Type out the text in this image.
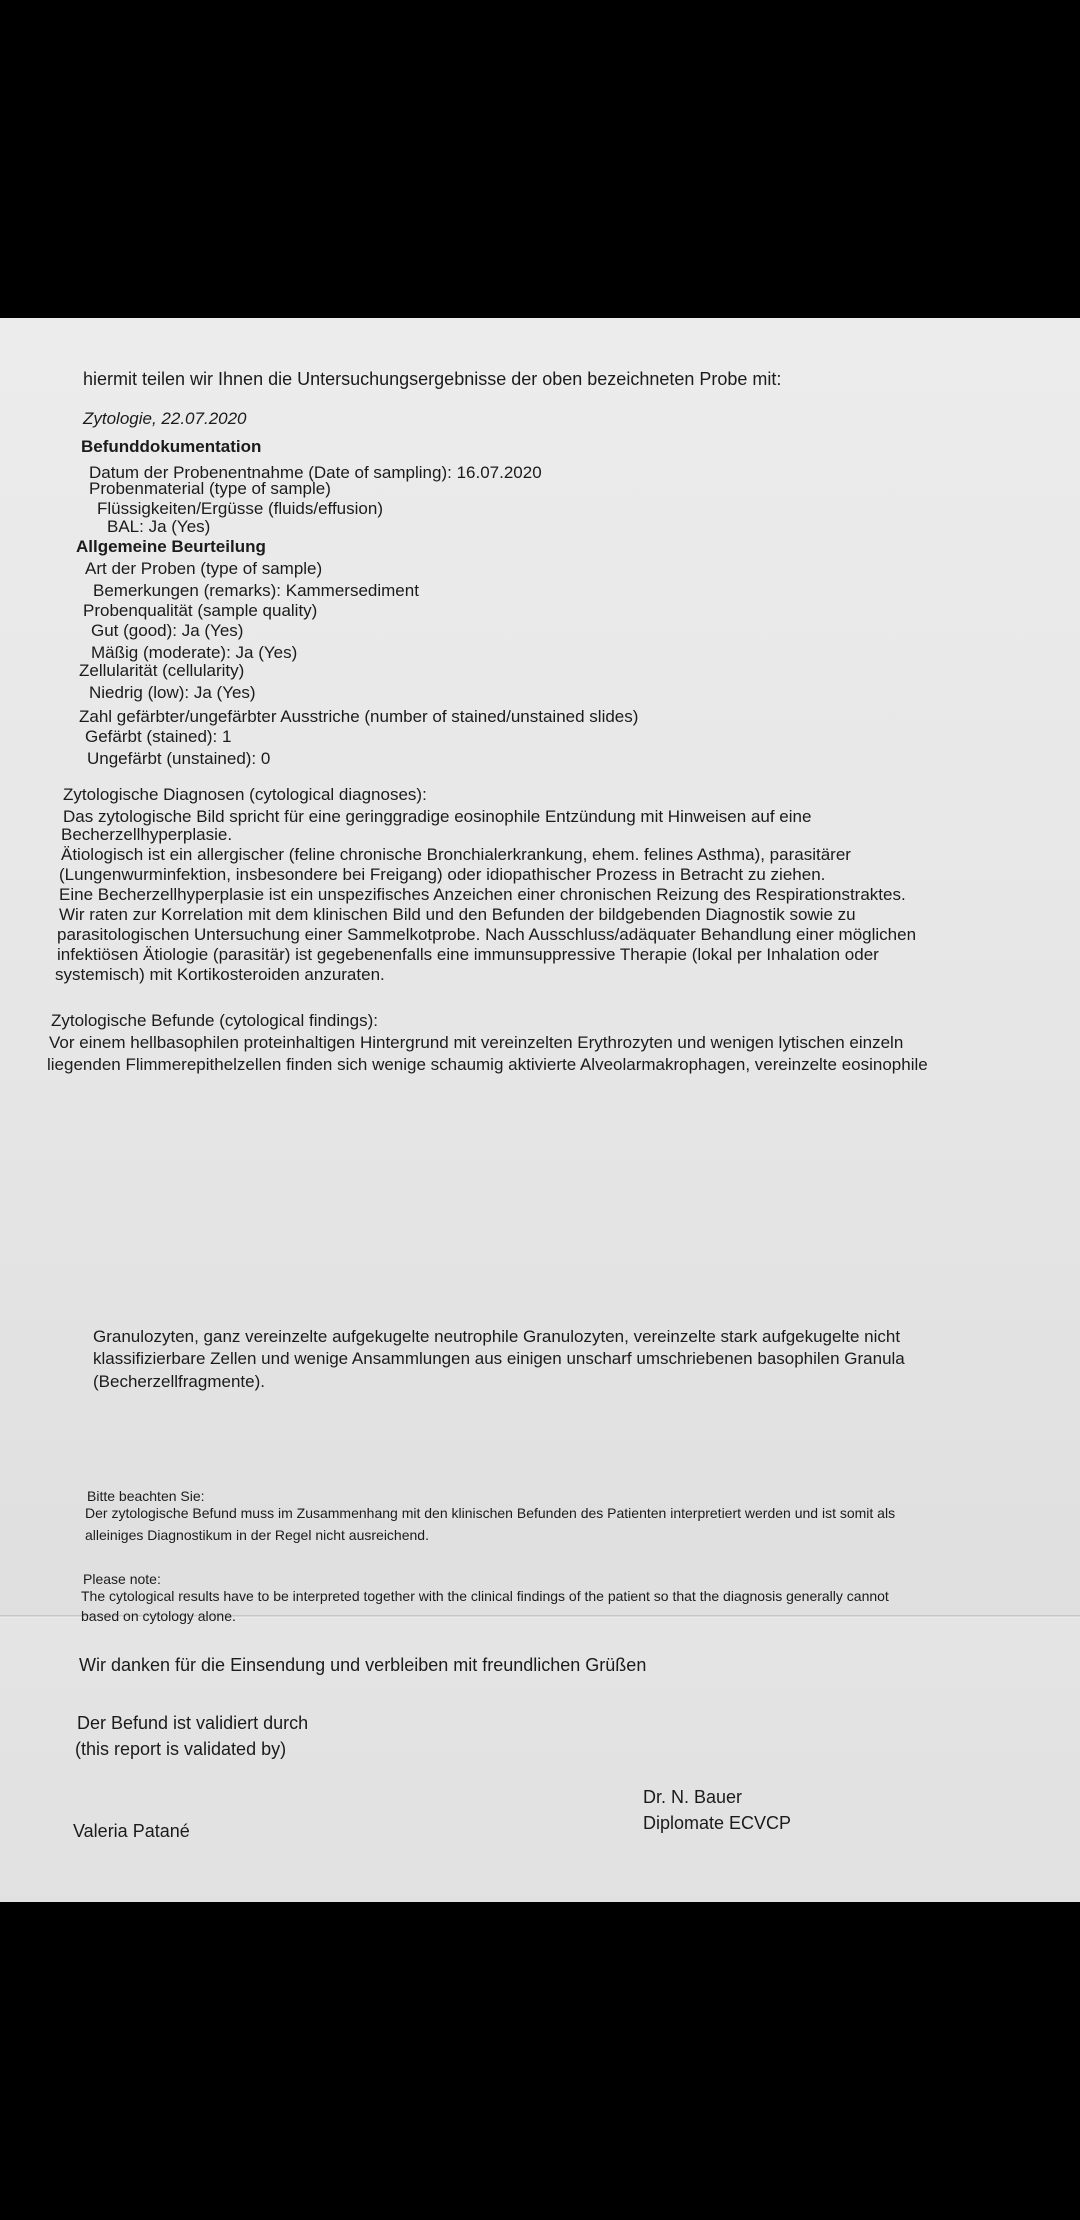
hiermit teilen wir Ihnen die Untersuchungsergebnisse der oben bezeichneten Probe mit:
Zytologie, 22.07.2020
Befunddokumentation
Datum der Probenentnahme (Date of sampling): 16.07.2020
Probenmaterial (type of sample)
Flüssigkeiten/Ergüsse (fluids/effusion)
BAL: Ja (Yes)
Allgemeine Beurteilung
Art der Proben (type of sample)
Bemerkungen (remarks): Kammersediment
Probenqualität (sample quality)
Gut (good): Ja (Yes)
Mäßig (moderate): Ja (Yes)
Zellularität (cellularity)
Niedrig (low): Ja (Yes)
Zahl gefärbter/ungefärbter Ausstriche (number of stained/unstained slides)
Gefärbt (stained): 1
Ungefärbt (unstained): 0
Zytologische Diagnosen (cytological diagnoses):
Das zytologische Bild spricht für eine geringgradige eosinophile Entzündung mit Hinweisen auf eine
Becherzellhyperplasie.
Ätiologisch ist ein allergischer (feline chronische Bronchialerkrankung, ehem. felines Asthma), parasitärer
(Lungenwurminfektion, insbesondere bei Freigang) oder idiopathischer Prozess in Betracht zu ziehen.
Eine Becherzellhyperplasie ist ein unspezifisches Anzeichen einer chronischen Reizung des Respirationstraktes.
Wir raten zur Korrelation mit dem klinischen Bild und den Befunden der bildgebenden Diagnostik sowie zu
parasitologischen Untersuchung einer Sammelkotprobe. Nach Ausschluss/adäquater Behandlung einer möglichen
infektiösen Ätiologie (parasitär) ist gegebenenfalls eine immunsuppressive Therapie (lokal per Inhalation oder
systemisch) mit Kortikosteroiden anzuraten.
Zytologische Befunde (cytological findings):
Vor einem hellbasophilen proteinhaltigen Hintergrund mit vereinzelten Erythrozyten und wenigen lytischen einzeln
liegenden Flimmerepithelzellen finden sich wenige schaumig aktivierte Alveolarmakrophagen, vereinzelte eosinophile
Granulozyten, ganz vereinzelte aufgekugelte neutrophile Granulozyten, vereinzelte stark aufgekugelte nicht
klassifizierbare Zellen und wenige Ansammlungen aus einigen unscharf umschriebenen basophilen Granula
(Becherzellfragmente).
Bitte beachten Sie:
Der zytologische Befund muss im Zusammenhang mit den klinischen Befunden des Patienten interpretiert werden und ist somit als
alleiniges Diagnostikum in der Regel nicht ausreichend.
Please note:
The cytological results have to be interpreted together with the clinical findings of the patient so that the diagnosis generally cannot
based on cytology alone.
Wir danken für die Einsendung und verbleiben mit freundlichen Grüßen
Der Befund ist validiert durch
(this report is validated by)
Dr. N. Bauer
Diplomate ECVCP
Valeria Patané
